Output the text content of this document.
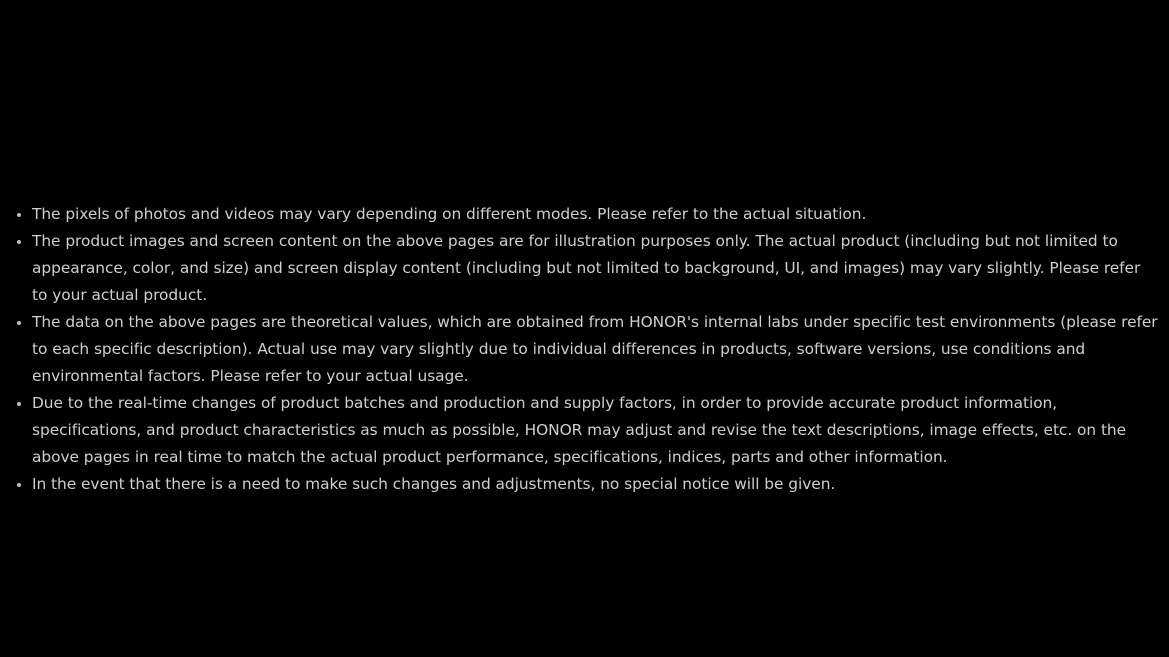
The pixels of photos and videos may vary depending on different modes. Please refer to the actual situation.
The product images and screen content on the above pages are for illustration purposes only. The actual product (including but not limited to appearance, color, and size) and screen display content (including but not limited to background, UI, and images) may vary slightly. Please refer to your actual product.
The data on the above pages are theoretical values, which are obtained from HONOR's internal labs under specific test environments (please refer to each specific description). Actual use may vary slightly due to individual differences in products, software versions, use conditions and environmental factors. Please refer to your actual usage.
Due to the real-time changes of product batches and production and supply factors, in order to provide accurate product information, specifications, and product characteristics as much as possible, HONOR may adjust and revise the text descriptions, image effects, etc. on the above pages in real time to match the actual product performance, specifications, indices, parts and other information.
In the event that there is a need to make such changes and adjustments, no special notice will be given.
